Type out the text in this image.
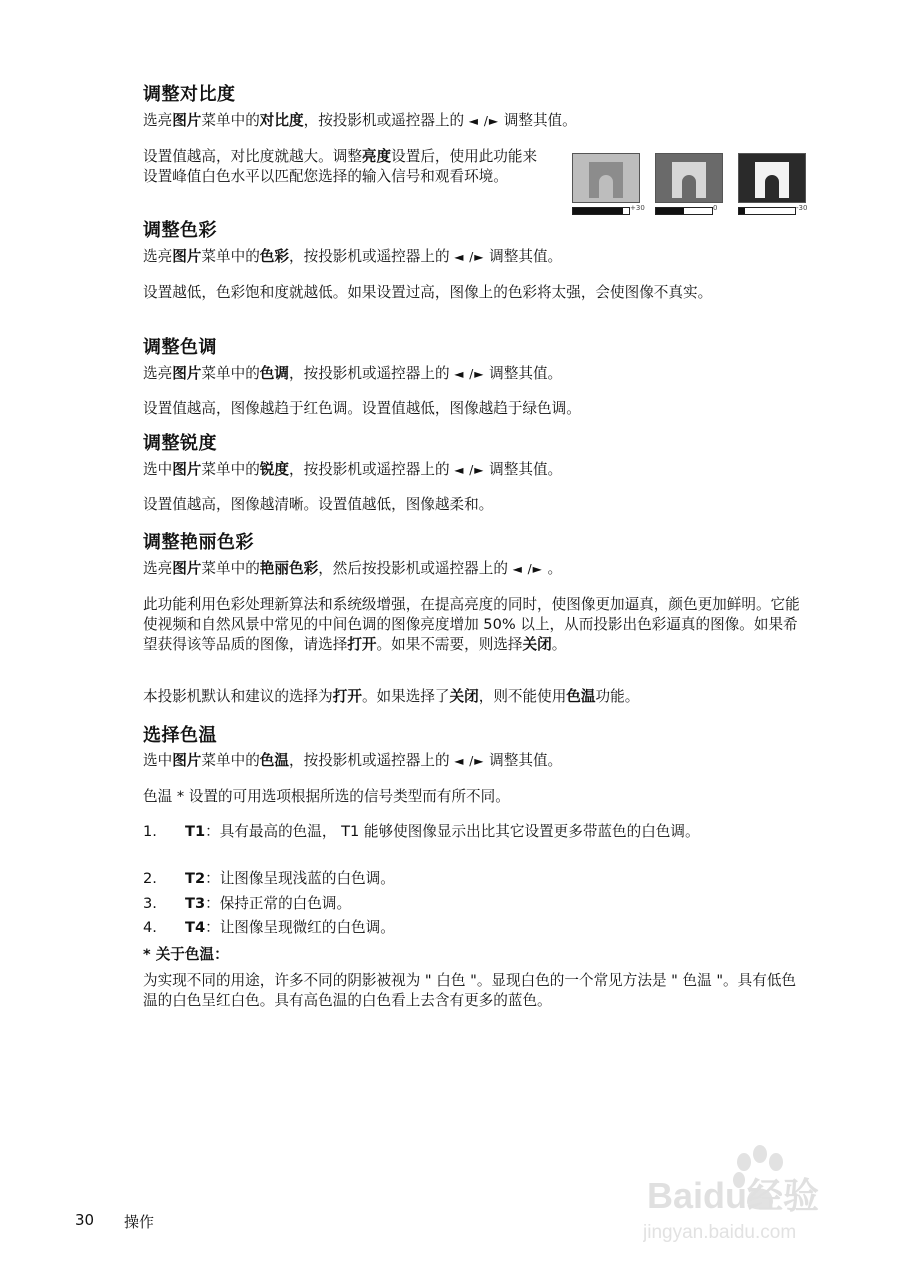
调整对比度
选亮图片菜单中的对比度，按投影机或遥控器上的 ◄ /► 调整其值。
设置值越高，对比度就越大。调整亮度设置后，使用此功能来设置峰值白色水平以匹配您选择的输入信号和观看环境。
+30	0	-30
调整色彩
选亮图片菜单中的色彩，按投影机或遥控器上的 ◄ /► 调整其值。
设置越低，色彩饱和度就越低。如果设置过高，图像上的色彩将太强，会使图像不真实。
调整色调
选亮图片菜单中的色调，按投影机或遥控器上的 ◄ /► 调整其值。
设置值越高，图像越趋于红色调。设置值越低，图像越趋于绿色调。
调整锐度
选中图片菜单中的锐度，按投影机或遥控器上的 ◄ /► 调整其值。
设置值越高，图像越清晰。设置值越低，图像越柔和。
调整艳丽色彩
选亮图片菜单中的艳丽色彩，然后按投影机或遥控器上的 ◄ /► 。
此功能利用色彩处理新算法和系统级增强，在提高亮度的同时，使图像更加逼真，颜色更加鲜明。它能使视频和自然风景中常见的中间色调的图像亮度增加 50% 以上，从而投影出色彩逼真的图像。如果希望获得该等品质的图像，请选择打开。如果不需要，则选择关闭。
本投影机默认和建议的选择为打开。如果选择了关闭，则不能使用色温功能。
选择色温
选中图片菜单中的色温，按投影机或遥控器上的 ◄ /► 调整其值。
色温 * 设置的可用选项根据所选的信号类型而有所不同。
1.	T1：具有最高的色温， T1 能够使图像显示出比其它设置更多带蓝色的白色调。
2.	T2：让图像呈现浅蓝的白色调。
3.	T3：保持正常的白色调。
4.	T4：让图像呈现微红的白色调。
* 关于色温：
为实现不同的用途，许多不同的阴影被视为 " 白色 "。显现白色的一个常见方法是 " 色温 "。具有低色温的白色呈红白色。具有高色温的白色看上去含有更多的蓝色。
30 操作
Baidu经验
jingyan.baidu.com
